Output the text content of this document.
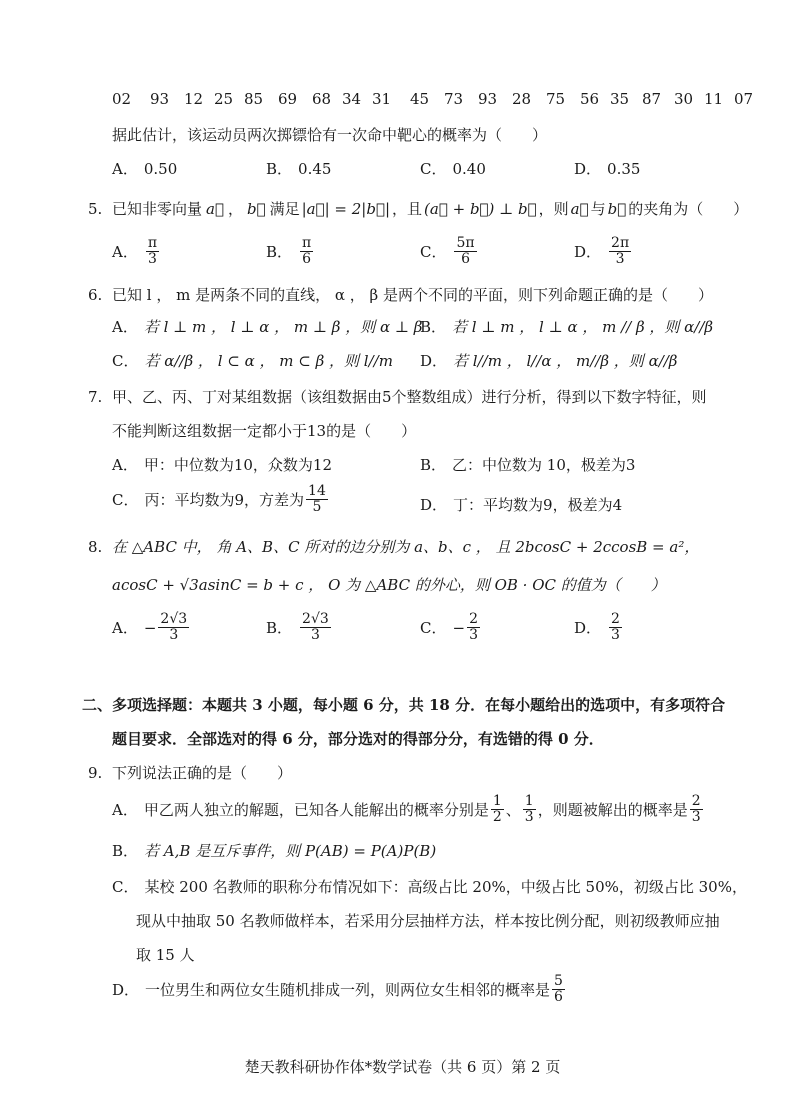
02	93 12 25 85 69 68 34 31	45 73 93 28 75 56 35 87 30 11 07
据此估计，该运动员两次掷镖恰有一次命中靶心的概率为（　　）
A． 0.50	B． 0.45	C． 0.40	D． 0.35
5. 已知非零向量 a⃗ ， b⃗ 满足 |a⃗| = 2|b⃗| ，且 (a⃗ + b⃗) ⊥ b⃗ ，则 a⃗ 与 b⃗ 的夹角为（　　）
A． $\frac{\pi}{3}$	B． $\frac{\pi}{6}$	C． $\frac{5\pi}{6}$	D． $\frac{2\pi}{3}$
6. 已知 l ， m 是两条不同的直线， α ， β 是两个不同的平面，则下列命题正确的是（　　）
A． 若 l ⊥ m ， l ⊥ α ， m ⊥ β ，则 α ⊥ β
B． 若 l ⊥ m ， l ⊥ α ， m // β ，则 α//β
C． 若 α//β ， l ⊂ α ， m ⊂ β ，则 l//m D． 若 l//m ， l//α ， m//β ，则 α//β
7. 甲、乙、丙、丁对某组数据（该组数据由5个整数组成）进行分析，得到以下数字特征，则
不能判断这组数据一定都小于13的是（　　）
A． 甲：中位数为10，众数为12	B． 乙：中位数为 10，极差为3
C． 丙：平均数为9，方差为 $\frac{14}{5}$	D． 丁：平均数为9，极差为4
8. 在 △ABC 中， 角 A、B、C 所对的边分别为 a、b、c ， 且 2bcosC + 2ccosB = a²，
acosC + √3asinC = b + c ， O 为 △ABC 的外心，则 OB · OC 的值为（　　）
A． − $\frac{2√3}{3}$	B． $\frac{2√3}{3}$	C． − $\frac{2}{3}$	D． $\frac{2}{3}$
二、多项选择题：本题共 3 小题，每小题 6 分，共 18 分．在每小题给出的选项中，有多项符合
题目要求．全部选对的得 6 分，部分选对的得部分分，有选错的得 0 分．
9. 下列说法正确的是（　　）
A． 甲乙两人独立的解题，已知各人能解出的概率分别是 $\frac{1}{2}$ 、 $\frac{1}{3}$ ，则题被解出的概率是 $\frac{2}{3}$
B． 若 A,B 是互斥事件，则 P(AB) = P(A)P(B)
C． 某校 200 名教师的职称分布情况如下：高级占比 20%，中级占比 50%，初级占比 30%，
现从中抽取 50 名教师做样本，若采用分层抽样方法，样本按比例分配，则初级教师应抽
取 15 人
D． 一位男生和两位女生随机排成一列，则两位女生相邻的概率是 $\frac{5}{6}$
楚天教科研协作体*数学试卷（共 6 页）第 2 页
